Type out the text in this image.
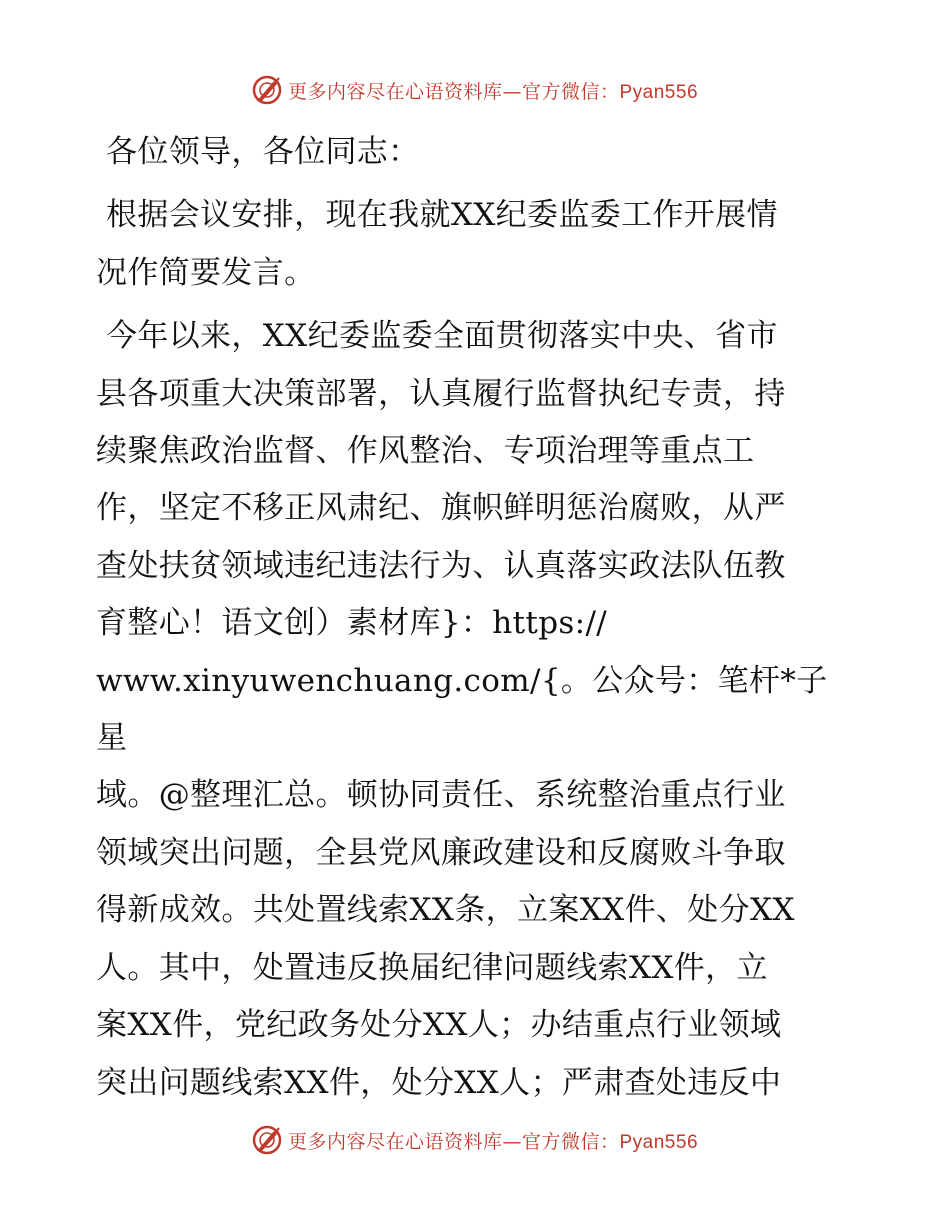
更多内容尽在心语资料库—官方微信：Pyan556

各位领导，各位同志：

根据会议安排，现在我就XX纪委监委工作开展情
况作简要发言。

今年以来，XX纪委监委全面贯彻落实中央、省市
县各项重大决策部署，认真履行监督执纪专责，持
续聚焦政治监督、作风整治、专项治理等重点工
作，坚定不移正风肃纪、旗帜鲜明惩治腐败，从严
查处扶贫领域违纪违法行为、认真落实政法队伍教
育整心！语文创）素材库}：https://
www.xinyuwenchuang.com/{。公众号：笔杆*子星
域。@整理汇总。顿协同责任、系统整治重点行业
领域突出问题，全县党风廉政建设和反腐败斗争取
得新成效。共处置线索XX条，立案XX件、处分XX
人。其中，处置违反换届纪律问题线索XX件，立
案XX件，党纪政务处分XX人；办结重点行业领域
突出问题线索XX件，处分XX人；严肃查处违反中

更多内容尽在心语资料库—官方微信：Pyan556
